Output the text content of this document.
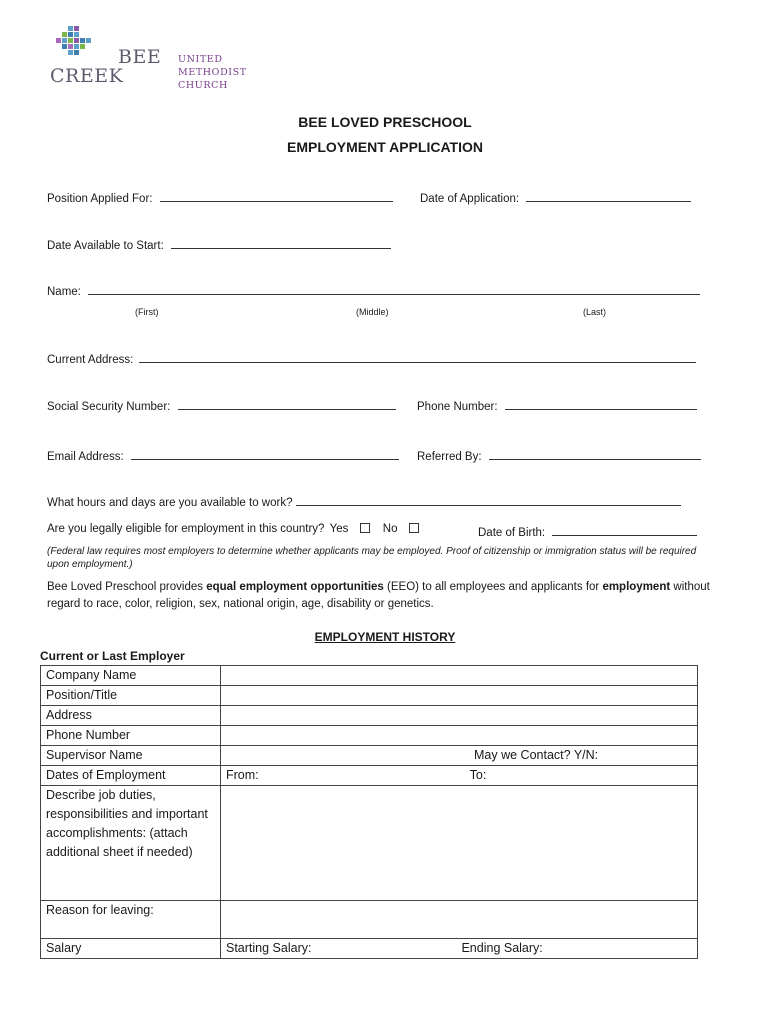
BEE
CREEK
UNITED
METHODIST
CHURCH
BEE LOVED PRESCHOOL
EMPLOYMENT APPLICATION
Position Applied For:	Date of Application:
Date Available to Start:
Name:
(First)	(Middle)	(Last)
Current Address:
Social Security Number:	Phone Number:
Email Address:	Referred By:
What hours and days are you available to work?
Are you legally eligible for employment in this country? Yes	No	Date of Birth:
(Federal law requires most employers to determine whether applicants may be employed. Proof of citizenship or immigration status will be required upon employment.)
Bee Loved Preschool provides equal employment opportunities (EEO) to all employees and applicants for employment without regard to race, color, religion, sex, national origin, age, disability or genetics.
EMPLOYMENT HISTORY
Current or Last Employer
Company Name	
Position/Title	
Address	
Phone Number	
Supervisor Name	May we Contact? Y/N:
Dates of Employment	From: To:
Describe job duties, responsibilities and important accomplishments: (attach additional sheet if needed)	
Reason for leaving:	
Salary	Starting Salary: Ending Salary:
